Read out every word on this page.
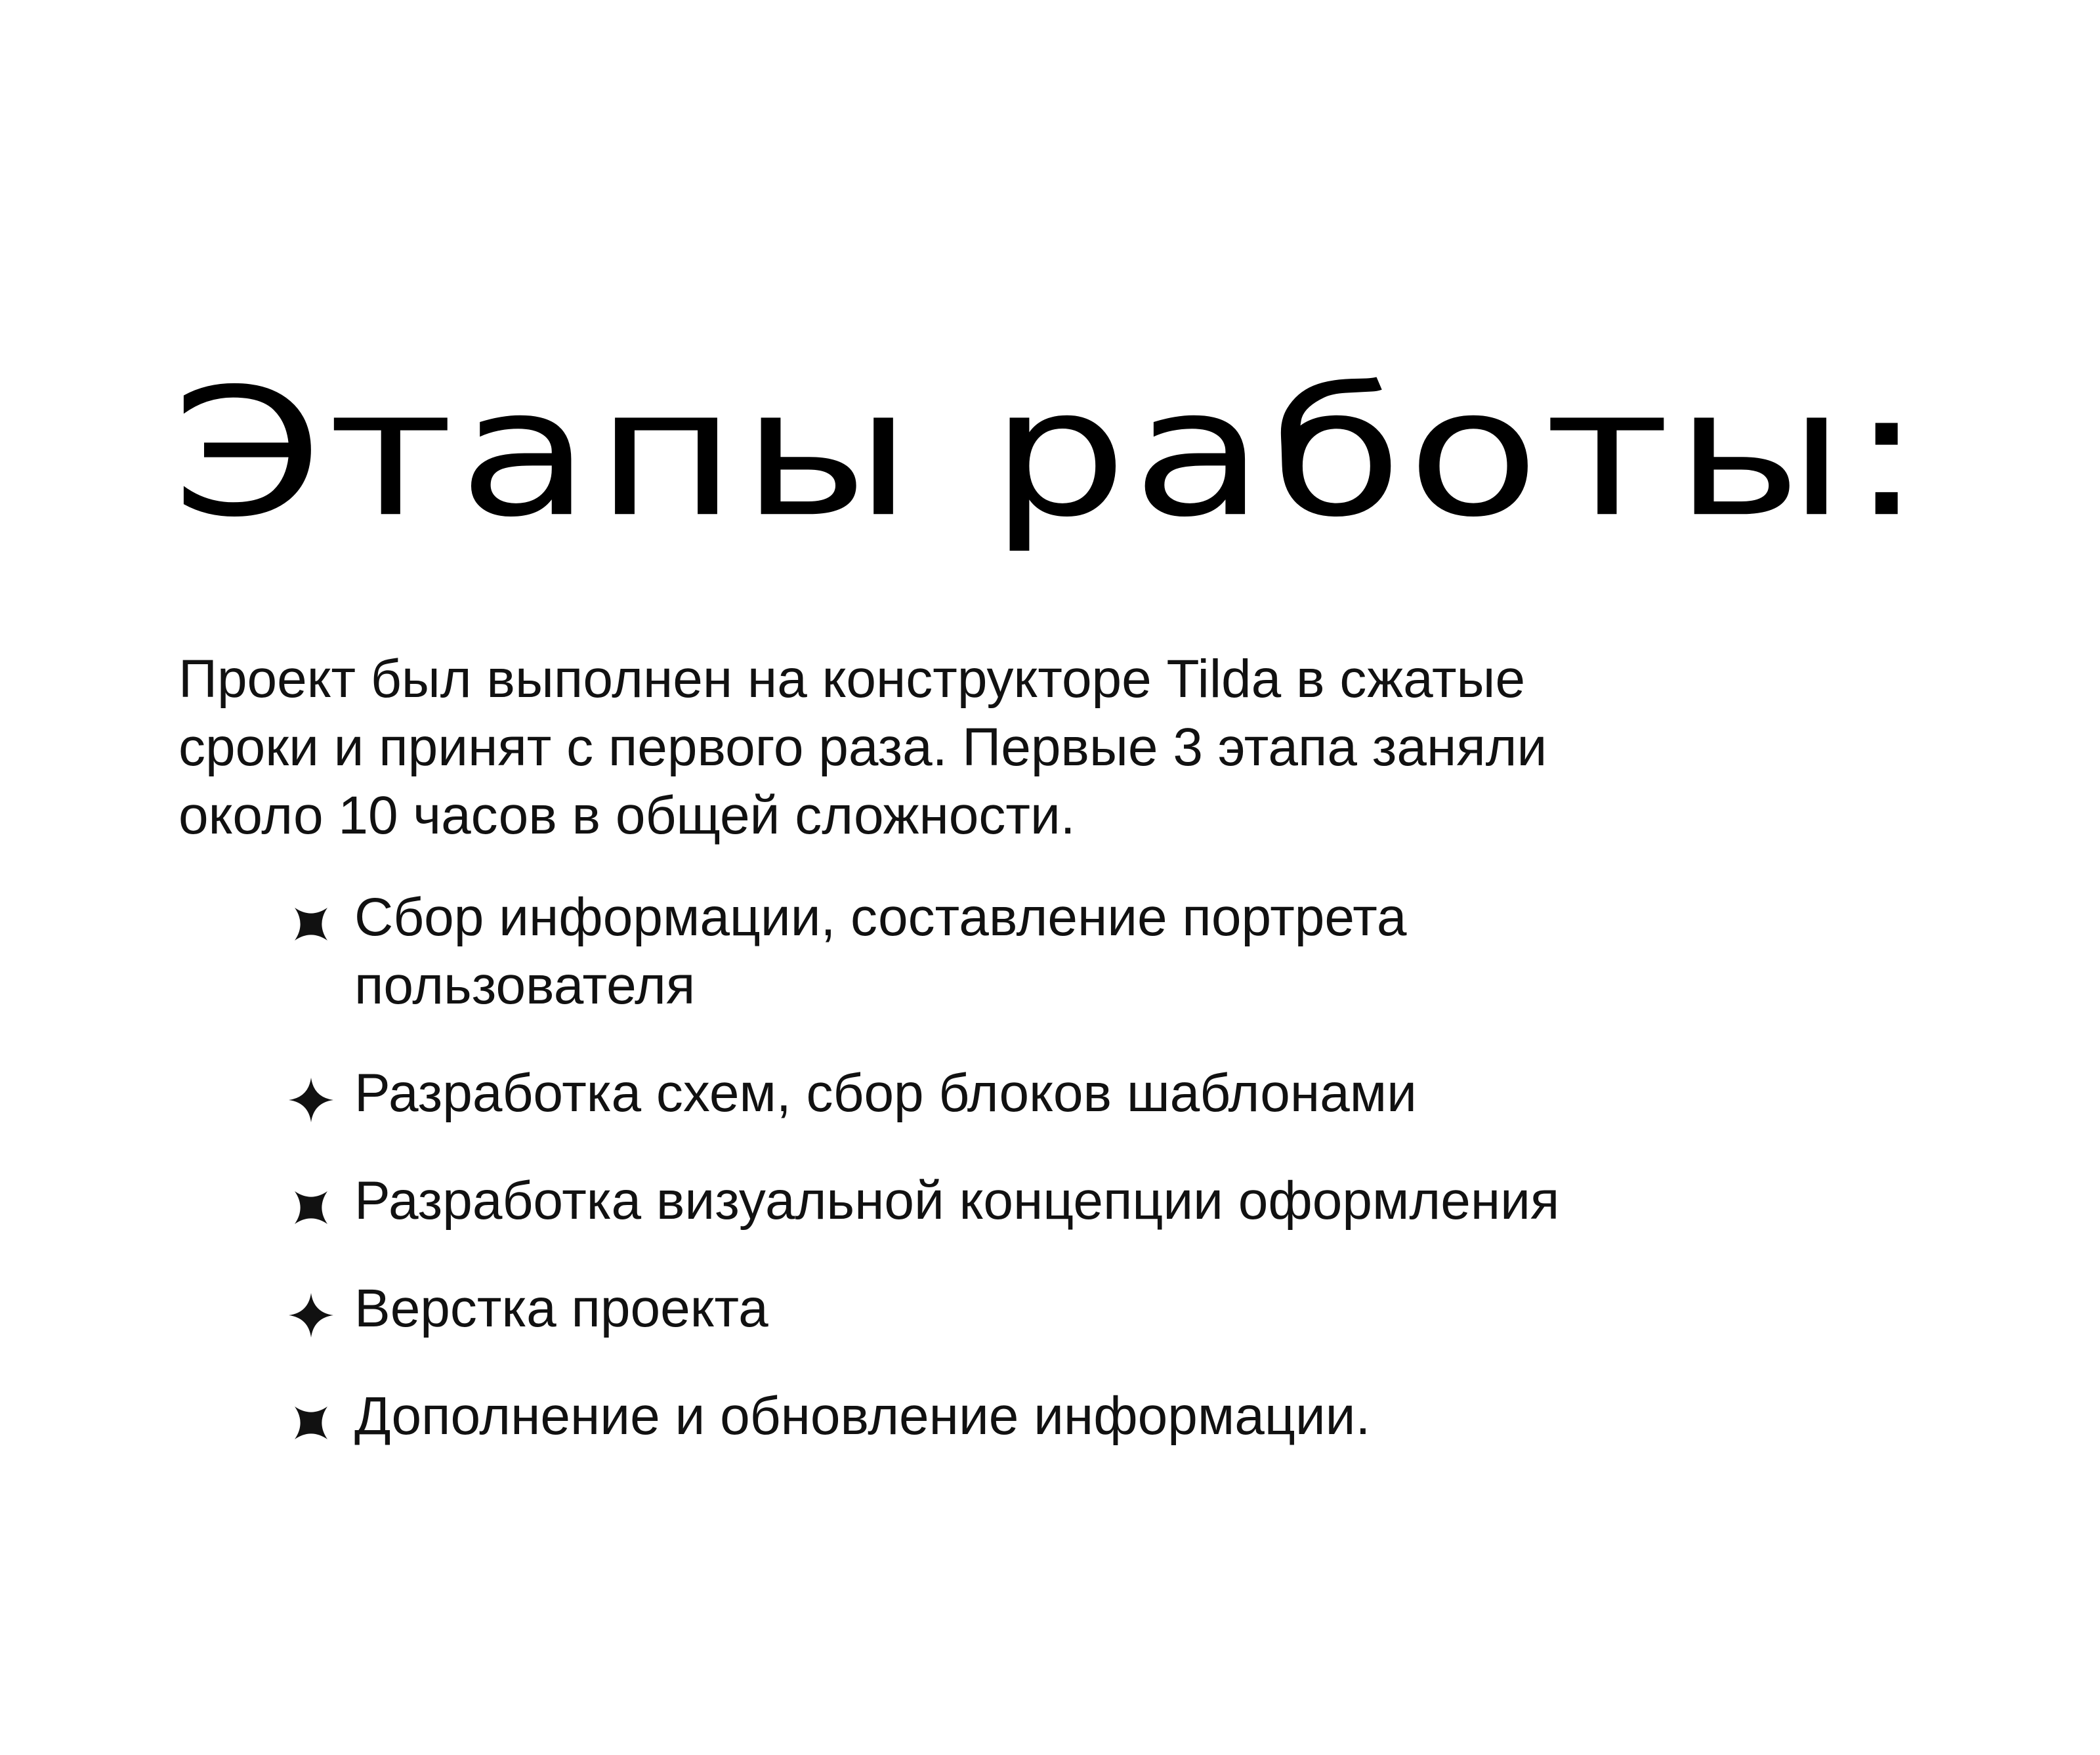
Этапы работы:

Проект был выполнен на конструкторе Tilda в сжатые
сроки и принят с первого раза. Первые 3 этапа заняли
около 10 часов в общей сложности.

Сбор информации, составление портрета
пользователя
Разработка схем, сбор блоков шаблонами
Разработка визуальной концепции оформления
Верстка проекта
Дополнение и обновление информации.
